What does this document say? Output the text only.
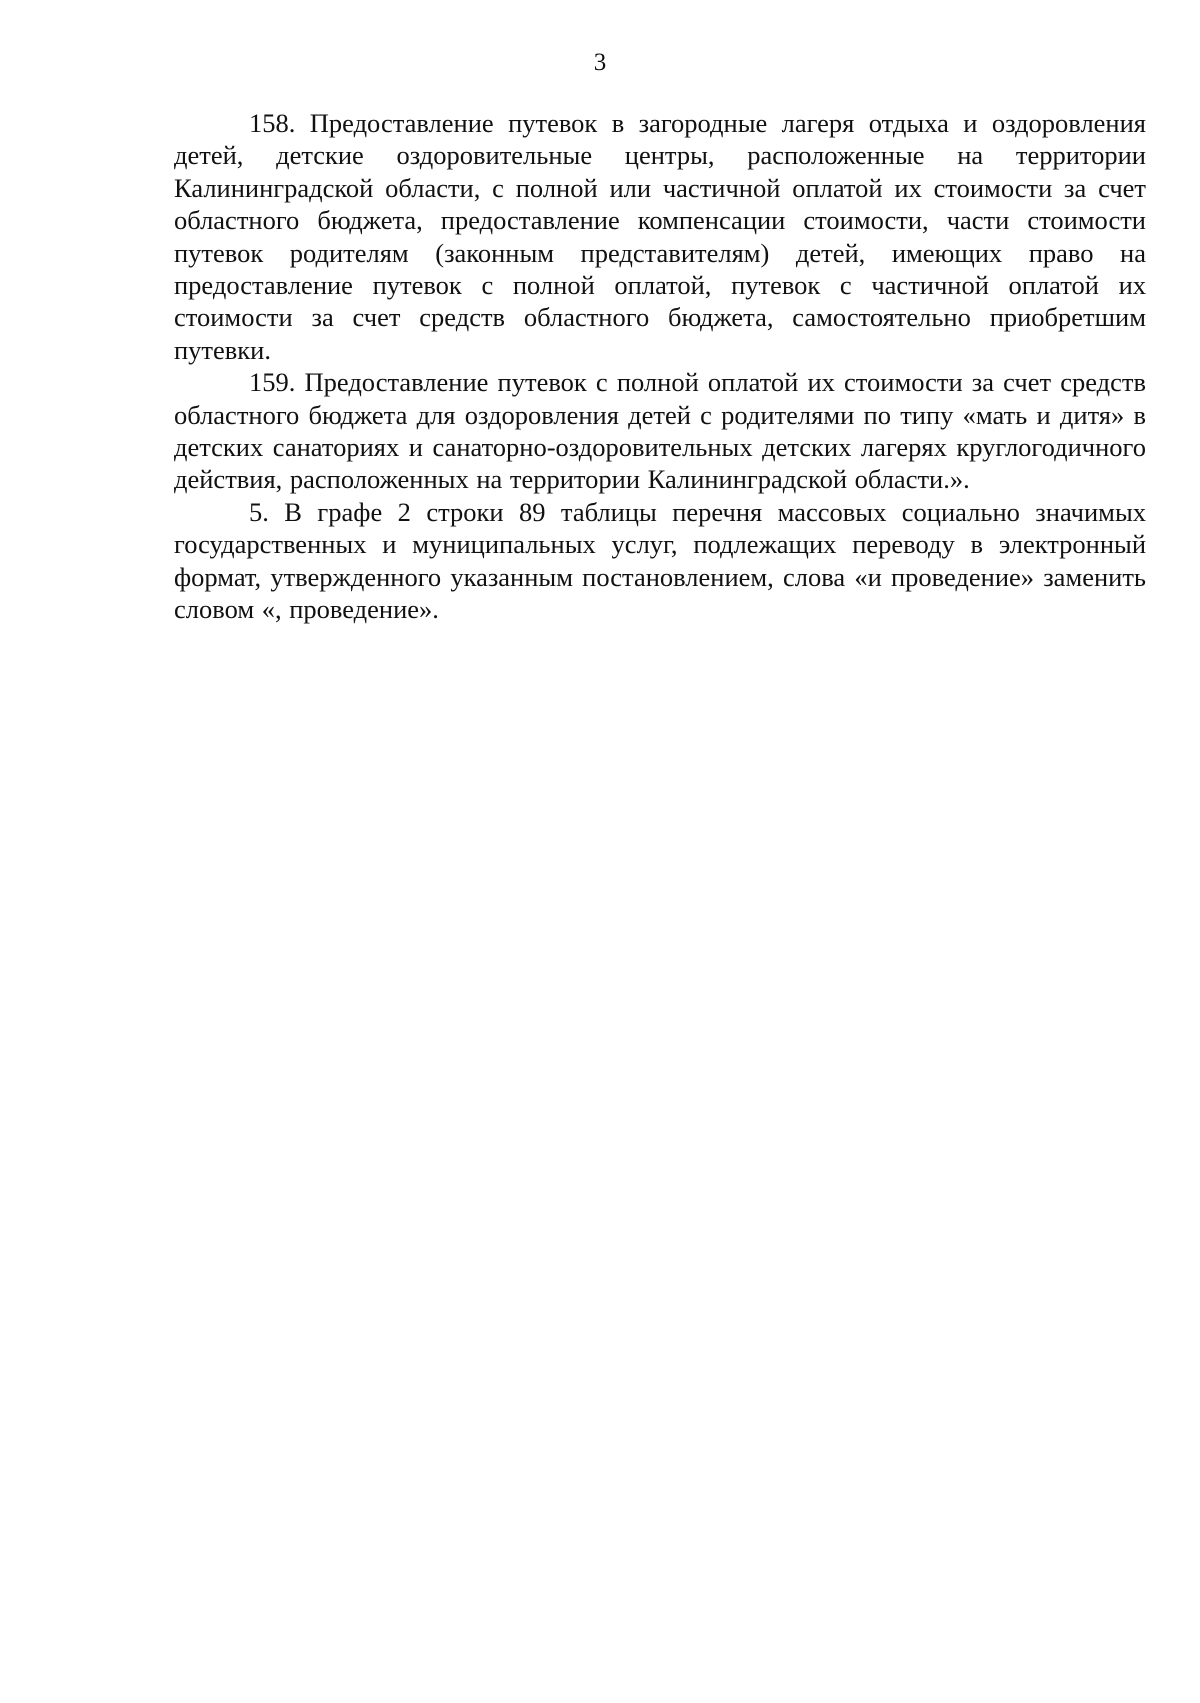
3

158. Предоставление путевок в загородные лагеря отдыха и оздоровления детей, детские оздоровительные центры, расположенные на территории Калининградской области, с полной или частичной оплатой их стоимости за счет областного бюджета, предоставление компенсации стоимости, части стоимости путевок родителям (законным представителям) детей, имеющих право на предоставление путевок с полной оплатой, путевок с частичной оплатой их стоимости за счет средств областного бюджета, самостоятельно приобретшим путевки.

159. Предоставление путевок с полной оплатой их стоимости за счет средств областного бюджета для оздоровления детей с родителями по типу «мать и дитя» в детских санаториях и санаторно-оздоровительных детских лагерях круглогодичного действия, расположенных на территории Калининградской области.».

5. В графе 2 строки 89 таблицы перечня массовых социально значимых государственных и муниципальных услуг, подлежащих переводу в электронный формат, утвержденного указанным постановлением, слова «и проведение» заменить словом «, проведение».
